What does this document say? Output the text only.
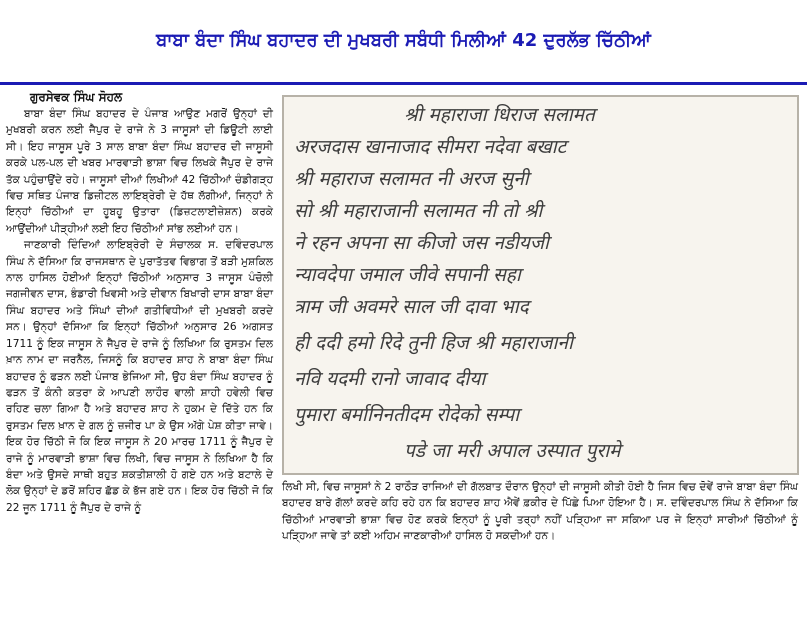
ਬਾਬਾ ਬੰਦਾ ਸਿੰਘ ਬਹਾਦਰ ਦੀ ਮੁਖਬਰੀ ਸਬੰਧੀ ਮਿਲੀਆਂ 42 ਦੁਰਲੱਭ ਚਿੱਠੀਆਂ
ਗੁਰਸੇਵਕ ਸਿੰਘ ਸੋਹਲ

ਬਾਬਾ ਬੰਦਾ ਸਿੰਘ ਬਹਾਦਰ ਦੇ ਪੰਜਾਬ ਆਉਣ ਮਗਰੋਂ ਉਨ੍ਹਾਂ ਦੀ ਮੁਖਬਰੀ ਕਰਨ ਲਈ ਜੈਪੁਰ ਦੇ ਰਾਜੇ ਨੇ 3 ਜਾਸੂਸਾਂ ਦੀ ਡਿਊਟੀ ਲਾਈ ਸੀ। ਇਹ ਜਾਸੂਸ ਪੂਰੇ 3 ਸਾਲ ਬਾਬਾ ਬੰਦਾ ਸਿੰਘ ਬਹਾਦਰ ਦੀ ਜਾਸੂਸੀ ਕਰਕੇ ਪਲ-ਪਲ ਦੀ ਖਬਰ ਮਾਰਵਾੜੀ ਭਾਸ਼ਾ ਵਿਚ ਲਿਖਕੇ ਜੈਪੁਰ ਦੇ ਰਾਜੇ ਤੱਕ ਪਹੁੰਚਾਉਂਦੇ ਰਹੇ। ਜਾਸੂਸਾਂ ਦੀਆਂ ਲਿਖੀਆਂ 42 ਚਿੱਠੀਆਂ ਚੰਡੀਗੜ੍ਹ ਵਿਚ ਸਥਿਤ ਪੰਜਾਬ ਡਿਜ਼ੀਟਲ ਲਾਇਬ੍ਰੇਰੀ ਦੇ ਹੱਥ ਲੱਗੀਆਂ, ਜਿਨ੍ਹਾਂ ਨੇ ਇਨ੍ਹਾਂ ਚਿੱਠੀਆਂ ਦਾ ਹੂਬਹੂ ਉਤਾਰਾ (ਡਿਜ਼ਟਲਾਈਜ਼ੇਸ਼ਨ) ਕਰਕੇ ਆਉਂਦੀਆਂ ਪੀੜ੍ਹੀਆਂ ਲਈ ਇਹ ਚਿੱਠੀਆਂ ਸਾਂਭ ਲਈਆਂ ਹਨ।

ਜਾਣਕਾਰੀ ਦਿੰਦਿਆਂ ਲਾਇਬ੍ਰੇਰੀ ਦੇ ਸੰਚਾਲਕ ਸ. ਦਵਿੰਦਰਪਾਲ ਸਿੰਘ ਨੇ ਦੱਸਿਆ ਕਿ ਰਾਜਸਥਾਨ ਦੇ ਪੁਰਾਤੱਤਵ ਵਿਭਾਗ ਤੋਂ ਬੜੀ ਮੁਸ਼ਕਿਲ ਨਾਲ ਹਾਸਿਲ ਹੋਈਆਂ ਇਨ੍ਹਾਂ ਚਿੱਠੀਆਂ ਅਨੁਸਾਰ 3 ਜਾਸੂਸ ਪੰਚੋਲੀ ਜਗਜੀਵਨ ਦਾਸ, ਭੰਡਾਰੀ ਖਿਵਸੀ ਅਤੇ ਦੀਵਾਨ ਬਿਖਾਰੀ ਦਾਸ ਬਾਬਾ ਬੰਦਾ ਸਿੰਘ ਬਹਾਦਰ ਅਤੇ ਸਿੰਘਾਂ ਦੀਆਂ ਗਤੀਵਿਧੀਆਂ ਦੀ ਮੁਖਬਰੀ ਕਰਦੇ ਸਨ। ਉਨ੍ਹਾਂ ਦੱਸਿਆ ਕਿ ਇਨ੍ਹਾਂ ਚਿੱਠੀਆਂ ਅਨੁਸਾਰ 26 ਅਗਸਤ 1711 ਨੂੰ ਇਕ ਜਾਸੂਸ ਨੇ ਜੈਪੁਰ ਦੇ ਰਾਜੇ ਨੂੰ ਲਿਖਿਆ ਕਿ ਰੁਸਤਮ ਦਿਲ ਖ਼ਾਨ ਨਾਮ ਦਾ ਜਰਨੈਲ, ਜਿਸਨੂੰ ਕਿ ਬਹਾਦਰ ਸ਼ਾਹ ਨੇ ਬਾਬਾ ਬੰਦਾ ਸਿੰਘ ਬਹਾਦਰ ਨੂੰ ਫੜਨ ਲਈ ਪੰਜਾਬ ਭੇਜਿਆ ਸੀ, ਉਹ ਬੰਦਾ ਸਿੰਘ ਬਹਾਦਰ ਨੂੰ ਫੜਨ ਤੋਂ ਕੰਨੀ ਕਤਰਾ ਕੇ ਆਪਣੀ ਲਾਹੌਰ ਵਾਲੀ ਸ਼ਾਹੀ ਹਵੇਲੀ ਵਿਚ ਰਹਿਣ ਚਲਾ ਗਿਆ ਹੈ ਅਤੇ ਬਹਾਦਰ ਸ਼ਾਹ ਨੇ ਹੁਕਮ ਦੇ ਦਿੱਤੇ ਹਨ ਕਿ ਰੁਸਤਮ ਦਿਲ ਖ਼ਾਨ ਦੇ ਗਲ ਨੂੰ ਜ਼ਜੀਰ ਪਾ ਕੇ ਉਸ ਅੱਗੇ ਪੇਸ਼ ਕੀਤਾ ਜਾਵੇ। ਇਕ ਹੋਰ ਚਿੱਠੀ ਜੋ ਕਿ ਇਕ ਜਾਸੂਸ ਨੇ 20 ਮਾਰਚ 1711 ਨੂੰ ਜੈਪੁਰ ਦੇ ਰਾਜੇ ਨੂੰ ਮਾਰਵਾੜੀ ਭਾਸ਼ਾ ਵਿਚ ਲਿਖੀ, ਵਿਚ ਜਾਸੂਸ ਨੇ ਲਿਖਿਆ ਹੈ ਕਿ ਬੰਦਾ ਅਤੇ ਉਸਦੇ ਸਾਥੀ ਬਹੁਤ ਸ਼ਕਤੀਸ਼ਾਲੀ ਹੋ ਗਏ ਹਨ ਅਤੇ ਬਟਾਲੇ ਦੇ ਲੋਕ ਉਨ੍ਹਾਂ ਦੇ ਡਰੋਂ ਸ਼ਹਿਰ ਛੱਡ ਕੇ ਭੱਜ ਗਏ ਹਨ। ਇਕ ਹੋਰ ਚਿੱਠੀ ਜੋ ਕਿ 22 ਜੂਨ 1711 ਨੂੰ ਜੈਪੁਰ ਦੇ ਰਾਜੇ ਨੂੰ

श्री महाराजा धिराज सलामत
अरजदास खानाजाद सीमरा नदेवा बखाट
श्री महाराज सलामत नी अरज सुनी
सो श्री महाराजानी सलामत नी तो श्री
ने रहन अपना सा कीजो जस नडीयजी
न्यावदेपा जमाल जीवे सपानी सहा
त्राम जी अवमरे साल जी दावा भाद
ही ददी हमो रिदे तुनी हिज श्री महाराजानी
नवि यदमी रानो जावाद दीया
पुमारा बर्मानिनतीदम रोदेको सम्पा
पडे जा मरी अपाल उस्पात पुरामे

ਲਿਖੀ ਸੀ, ਵਿਚ ਜਾਸੂਸਾਂ ਨੇ 2 ਰਾਠੌੜ ਰਾਜਿਆਂ ਦੀ ਗੱਲਬਾਤ ਦੌਰਾਨ ਉਨ੍ਹਾਂ ਦੀ ਜਾਸੂਸੀ ਕੀਤੀ ਹੋਈ ਹੈ ਜਿਸ ਵਿਚ ਦੋਵੇਂ ਰਾਜੇ ਬਾਬਾ ਬੰਦਾ ਸਿੰਘ ਬਹਾਦਰ ਬਾਰੇ ਗੱਲਾਂ ਕਰਦੇ ਕਹਿ ਰਹੇ ਹਨ ਕਿ ਬਹਾਦਰ ਸ਼ਾਹ ਐਵੇਂ ਫ਼ਕੀਰ ਦੇ ਪਿੱਛੇ ਪਿਆ ਹੋਇਆ ਹੈ। ਸ. ਦਵਿੰਦਰਪਾਲ ਸਿੰਘ ਨੇ ਦੱਸਿਆ ਕਿ ਚਿੱਠੀਆਂ ਮਾਰਵਾੜੀ ਭਾਸ਼ਾ ਵਿਚ ਹੋਣ ਕਰਕੇ ਇਨ੍ਹਾਂ ਨੂੰ ਪੂਰੀ ਤਰ੍ਹਾਂ ਨਹੀਂ ਪੜ੍ਹਿਆ ਜਾ ਸਕਿਆ ਪਰ ਜੇ ਇਨ੍ਹਾਂ ਸਾਰੀਆਂ ਚਿੱਠੀਆਂ ਨੂੰ ਪੜ੍ਹਿਆ ਜਾਵੇ ਤਾਂ ਕਈ ਅਹਿਮ ਜਾਣਕਾਰੀਆਂ ਹਾਸਿਲ ਹੋ ਸਕਦੀਆਂ ਹਨ।
